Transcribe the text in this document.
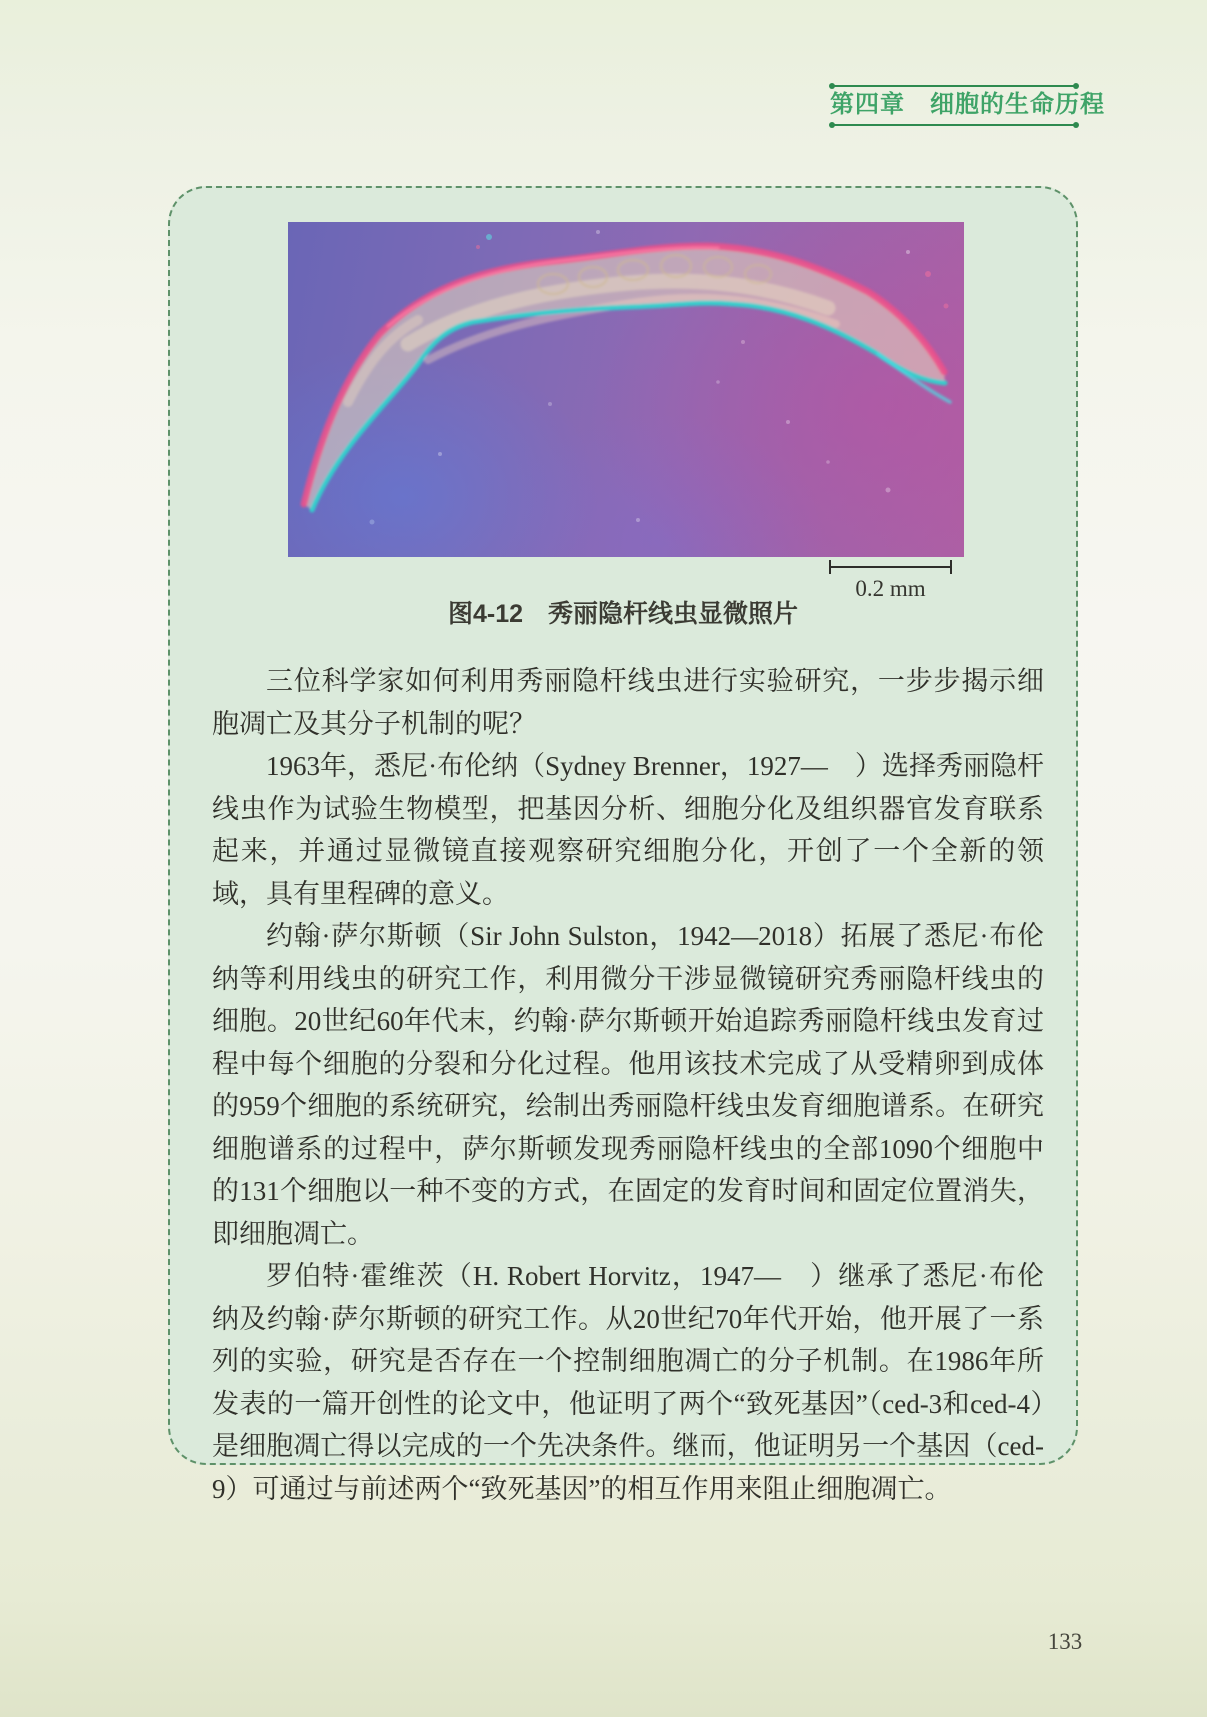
第四章　细胞的生命历程
0.2 mm
图4-12　秀丽隐杆线虫显微照片

三位科学家如何利用秀丽隐杆线虫进行实验研究，一步步揭示细胞凋亡及其分子机制的呢？

1963年，悉尼·布伦纳（Sydney Brenner，1927—　）选择秀丽隐杆线虫作为试验生物模型，把基因分析、细胞分化及组织器官发育联系起来，并通过显微镜直接观察研究细胞分化，开创了一个全新的领域，具有里程碑的意义。

约翰·萨尔斯顿（Sir John Sulston，1942—2018）拓展了悉尼·布伦纳等利用线虫的研究工作，利用微分干涉显微镜研究秀丽隐杆线虫的细胞。20世纪60年代末，约翰·萨尔斯顿开始追踪秀丽隐杆线虫发育过程中每个细胞的分裂和分化过程。他用该技术完成了从受精卵到成体的959个细胞的系统研究，绘制出秀丽隐杆线虫发育细胞谱系。在研究细胞谱系的过程中，萨尔斯顿发现秀丽隐杆线虫的全部1090个细胞中的131个细胞以一种不变的方式，在固定的发育时间和固定位置消失，即细胞凋亡。

罗伯特·霍维茨（H. Robert Horvitz，1947—　）继承了悉尼·布伦纳及约翰·萨尔斯顿的研究工作。从20世纪70年代开始，他开展了一系列的实验，研究是否存在一个控制细胞凋亡的分子机制。在1986年所发表的一篇开创性的论文中，他证明了两个“致死基因”（ced-3和ced-4）是细胞凋亡得以完成的一个先决条件。继而，他证明另一个基因（ced-9）可通过与前述两个“致死基因”的相互作用来阻止细胞凋亡。

133
